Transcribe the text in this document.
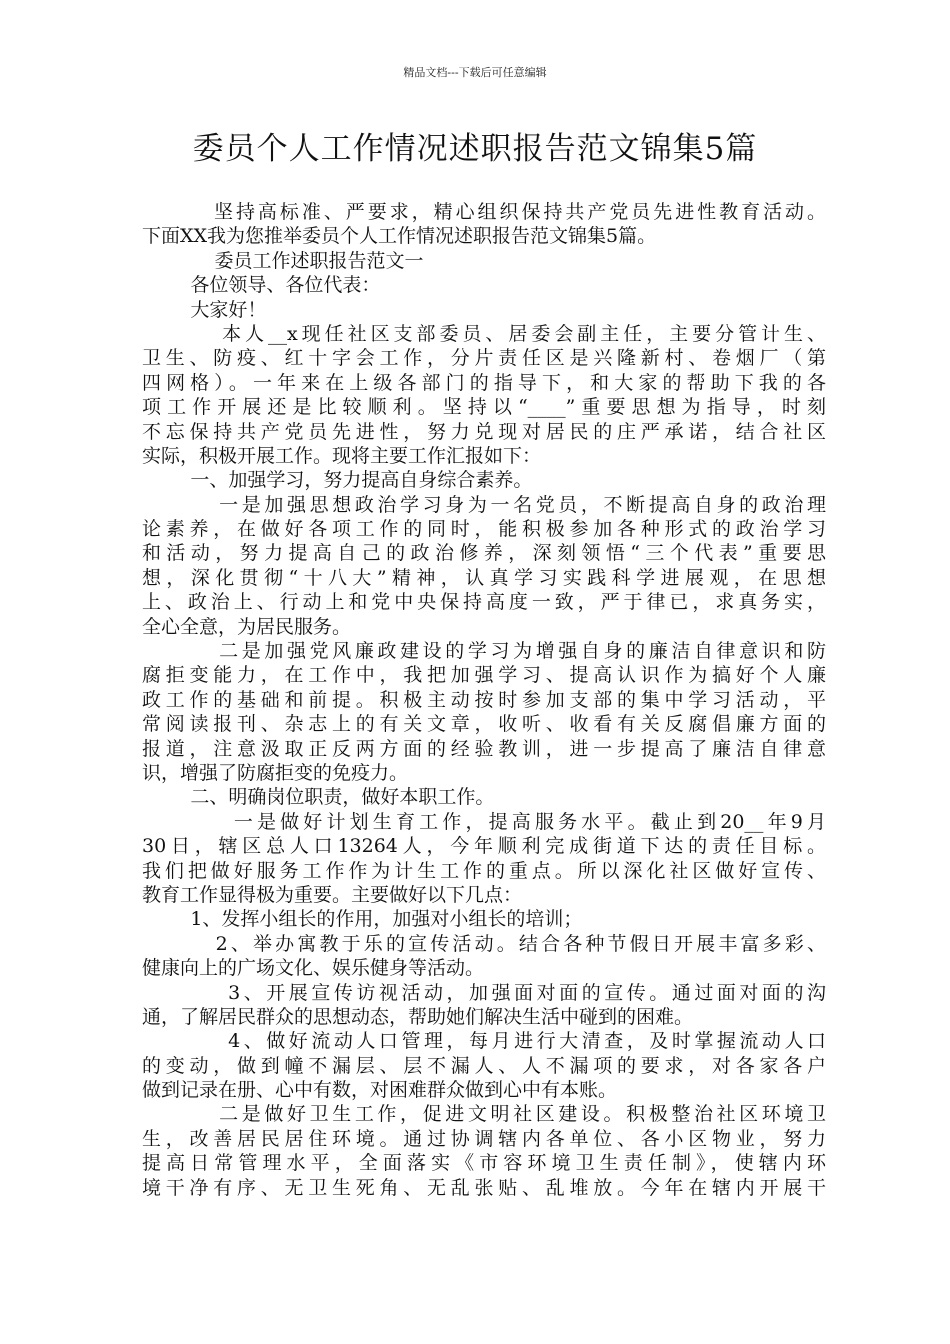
精品文档---下载后可任意编辑
委员个人工作情况述职报告范文锦集5篇
坚持高标准、严要求，精心组织保持共产党员先进性教育活动。
下面XX我为您推举委员个人工作情况述职报告范文锦集5篇。
委员工作述职报告范文一
各位领导、各位代表：
大家好！
本人__x现任社区支部委员、居委会副主任，主要分管计生、
卫生、防疫、红十字会工作，分片责任区是兴隆新村、卷烟厂（第
四网格）。一年来在上级各部门的指导下，和大家的帮助下我的各
项工作开展还是比较顺利。坚持以“____”重要思想为指导，时刻
不忘保持共产党员先进性，努力兑现对居民的庄严承诺，结合社区
实际，积极开展工作。现将主要工作汇报如下：
一、加强学习，努力提高自身综合素养。
一是加强思想政治学习身为一名党员，不断提高自身的政治理
论素养，在做好各项工作的同时，能积极参加各种形式的政治学习
和活动，努力提高自己的政治修养，深刻领悟“三个代表”重要思
想，深化贯彻“十八大”精神，认真学习实践科学进展观，在思想
上、政治上、行动上和党中央保持高度一致，严于律已，求真务实，
全心全意，为居民服务。
二是加强党风廉政建设的学习为增强自身的廉洁自律意识和防
腐拒变能力，在工作中，我把加强学习、提高认识作为搞好个人廉
政工作的基础和前提。积极主动按时参加支部的集中学习活动，平
常阅读报刊、杂志上的有关文章，收听、收看有关反腐倡廉方面的
报道，注意汲取正反两方面的经验教训，进一步提高了廉洁自律意
识，增强了防腐拒变的免疫力。
二、明确岗位职责，做好本职工作。
一是做好计划生育工作，提高服务水平。截止到20__年9月
30日，辖区总人口13264人，今年顺利完成街道下达的责任目标。
我们把做好服务工作作为计生工作的重点。所以深化社区做好宣传、
教育工作显得极为重要。主要做好以下几点：
1、发挥小组长的作用，加强对小组长的培训；
2、举办寓教于乐的宣传活动。结合各种节假日开展丰富多彩、
健康向上的广场文化、娱乐健身等活动。
3、开展宣传访视活动，加强面对面的宣传。通过面对面的沟
通，了解居民群众的思想动态，帮助她们解决生活中碰到的困难。
4、做好流动人口管理，每月进行大清查，及时掌握流动人口
的变动，做到幢不漏层、层不漏人、人不漏项的要求，对各家各户
做到记录在册、心中有数，对困难群众做到心中有本账。
二是做好卫生工作，促进文明社区建设。积极整治社区环境卫
生，改善居民居住环境。通过协调辖内各单位、各小区物业，努力
提高日常管理水平，全面落实《市容环境卫生责任制》，使辖内环
境干净有序、无卫生死角、无乱张贴、乱堆放。今年在辖内开展干
